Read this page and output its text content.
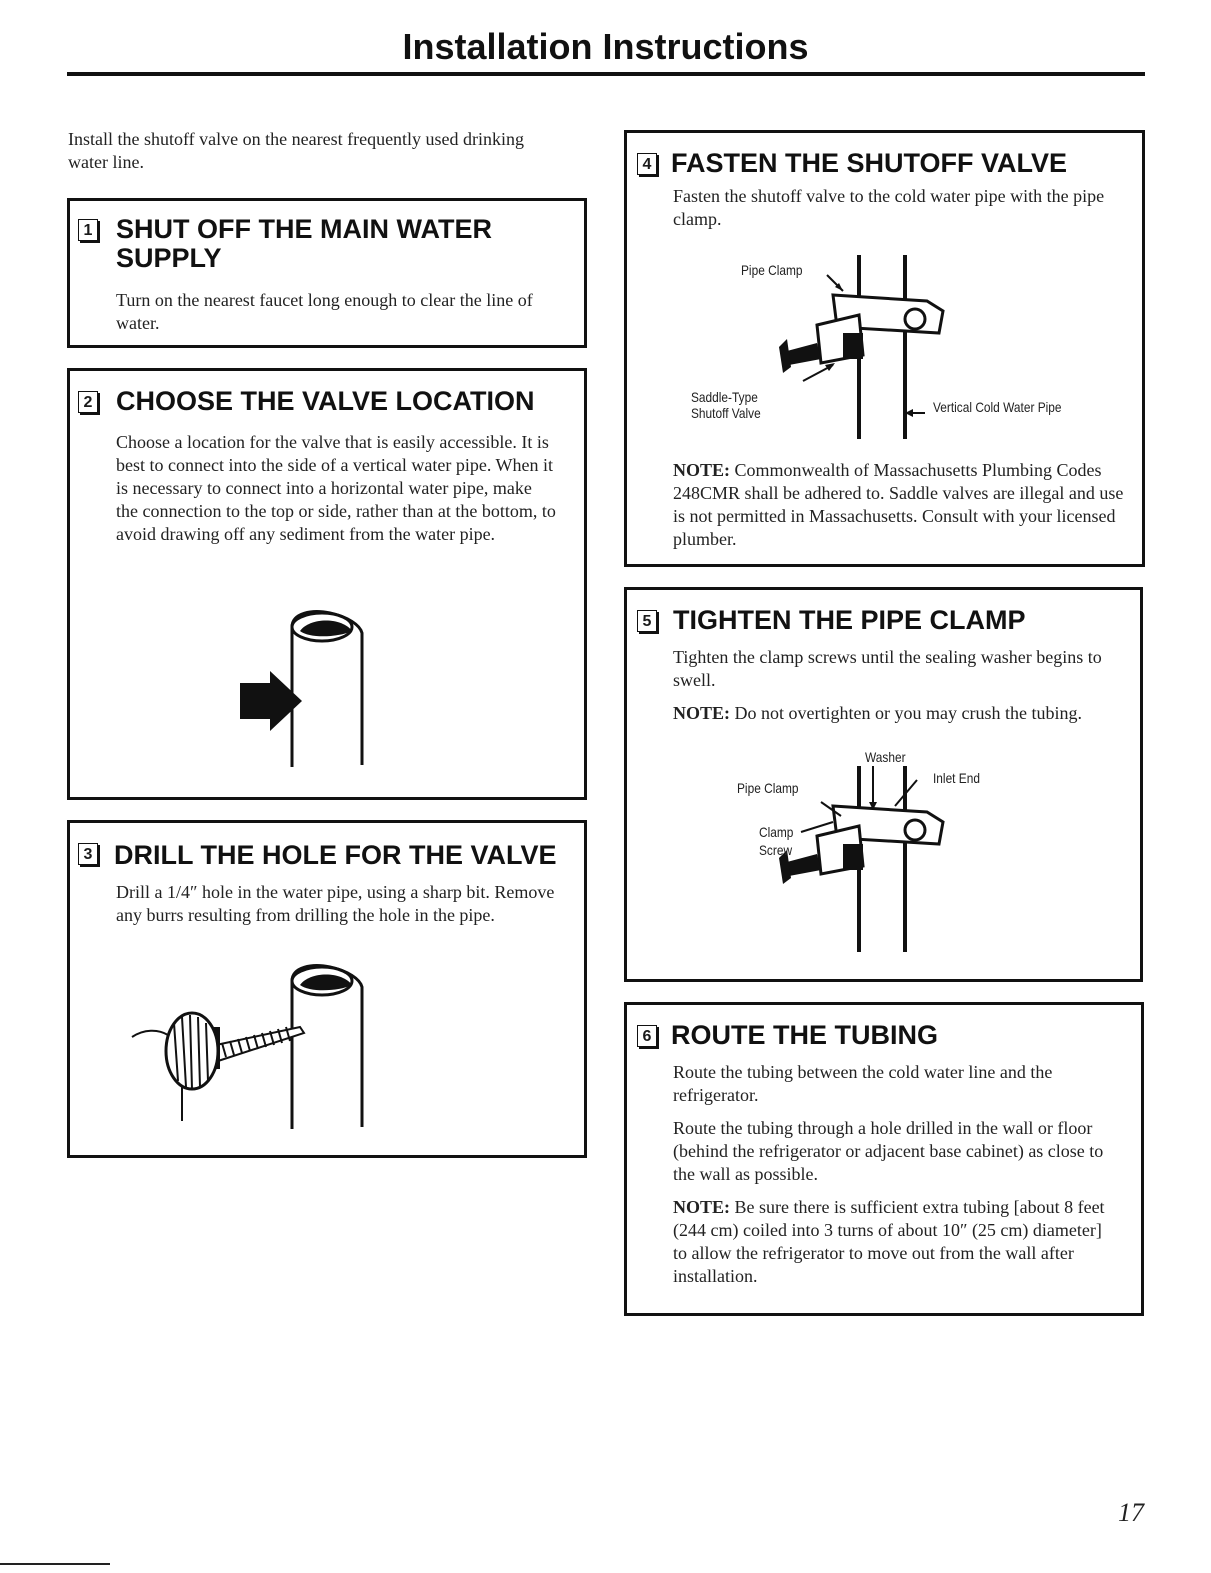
Installation Instructions
Install the shutoff valve on the nearest frequently used drinking water line.
1 SHUT OFF THE MAIN WATER SUPPLY
Turn on the nearest faucet long enough to clear the line of water.
2 CHOOSE THE VALVE LOCATION
Choose a location for the valve that is easily accessible. It is best to connect into the side of a vertical water pipe. When it is necessary to connect into a horizontal water pipe, make the connection to the top or side, rather than at the bottom, to avoid drawing off any sediment from the water pipe.
3 DRILL THE HOLE FOR THE VALVE
Drill a 1/4″ hole in the water pipe, using a sharp bit. Remove any burrs resulting from drilling the hole in the pipe.
4 FASTEN THE SHUTOFF VALVE
Fasten the shutoff valve to the cold water pipe with the pipe clamp.
Pipe Clamp
Saddle-Type
Shutoff Valve	Vertical Cold Water Pipe
NOTE: Commonwealth of Massachusetts Plumbing Codes 248CMR shall be adhered to. Saddle valves are illegal and use is not permitted in Massachusetts. Consult with your licensed plumber.
5 TIGHTEN THE PIPE CLAMP
Tighten the clamp screws until the sealing washer begins to swell.
NOTE: Do not overtighten or you may crush the tubing.
Washer
Pipe Clamp
Inlet End
Clamp
Screw
6 ROUTE THE TUBING

Route the tubing between the cold water line and the refrigerator.

Route the tubing through a hole drilled in the wall or floor (behind the refrigerator or adjacent base cabinet) as close to the wall as possible.

NOTE: Be sure there is sufficient extra tubing [about 8 feet (244 cm) coiled into 3 turns of about 10″ (25 cm) diameter] to allow the refrigerator to move out from the wall after installation.

17
